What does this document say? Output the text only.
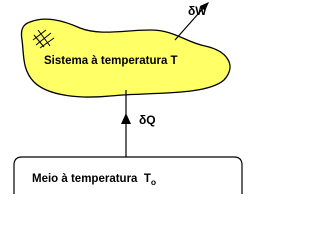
Sistema à temperatura T
δW
δQ
Meio à temperatura  $T_o$
